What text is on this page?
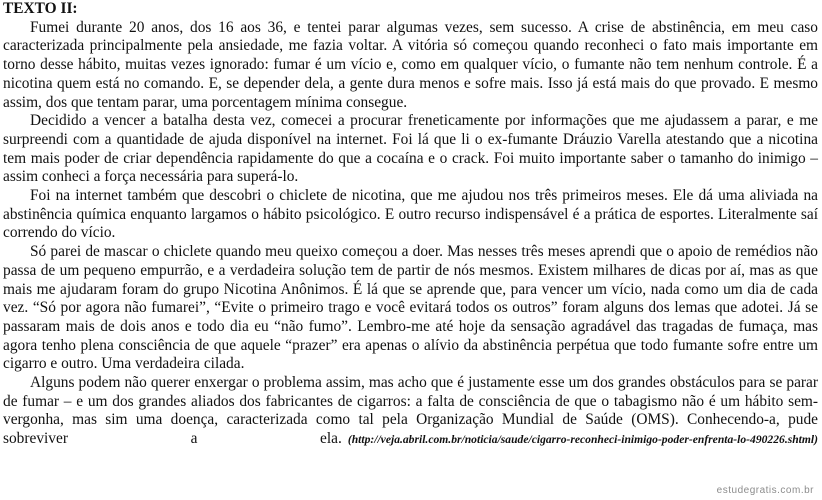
TEXTO II:

Fumei durante 20 anos, dos 16 aos 36, e tentei parar algumas vezes, sem sucesso. A crise de abstinência, em meu caso caracterizada principalmente pela ansiedade, me fazia voltar. A vitória só começou quando reconheci o fato mais importante em torno desse hábito, muitas vezes ignorado: fumar é um vício e, como em qualquer vício, o fumante não tem nenhum controle. É a nicotina quem está no comando. E, se depender dela, a gente dura menos e sofre mais. Isso já está mais do que provado. E mesmo assim, dos que tentam parar, uma porcentagem mínima consegue.

Decidido a vencer a batalha desta vez, comecei a procurar freneticamente por informações que me ajudassem a parar, e me surpreendi com a quantidade de ajuda disponível na internet. Foi lá que li o ex-fumante Dráuzio Varella atestando que a nicotina tem mais poder de criar dependência rapidamente do que a cocaína e o crack. Foi muito importante saber o tamanho do inimigo – assim conheci a força necessária para superá-lo.

Foi na internet também que descobri o chiclete de nicotina, que me ajudou nos três primeiros meses. Ele dá uma aliviada na abstinência química enquanto largamos o hábito psicológico. E outro recurso indispensável é a prática de esportes. Literalmente saí correndo do vício.

Só parei de mascar o chiclete quando meu queixo começou a doer. Mas nesses três meses aprendi que o apoio de remédios não passa de um pequeno empurrão, e a verdadeira solução tem de partir de nós mesmos. Existem milhares de dicas por aí, mas as que mais me ajudaram foram do grupo Nicotina Anônimos. É lá que se aprende que, para vencer um vício, nada como um dia de cada vez. “Só por agora não fumarei”, “Evite o primeiro trago e você evitará todos os outros” foram alguns dos lemas que adotei. Já se passaram mais de dois anos e todo dia eu “não fumo”. Lembro-me até hoje da sensação agradável das tragadas de fumaça, mas agora tenho plena consciência de que aquele “prazer” era apenas o alívio da abstinência perpétua que todo fumante sofre entre um cigarro e outro. Uma verdadeira cilada.

Alguns podem não querer enxergar o problema assim, mas acho que é justamente esse um dos grandes obstáculos para se parar de fumar – e um dos grandes aliados dos fabricantes de cigarros: a falta de consciência de que o tabagismo não é um hábito sem-vergonha, mas sim uma doença, caracterizada como tal pela Organização Mundial de Saúde (OMS). Conhecendo-a, pude sobreviver a ela. (http://veja.abril.com.br/noticia/saude/cigarro-reconheci-inimigo-poder-enfrenta-lo-490226.shtml)

estudegratis.com.br
